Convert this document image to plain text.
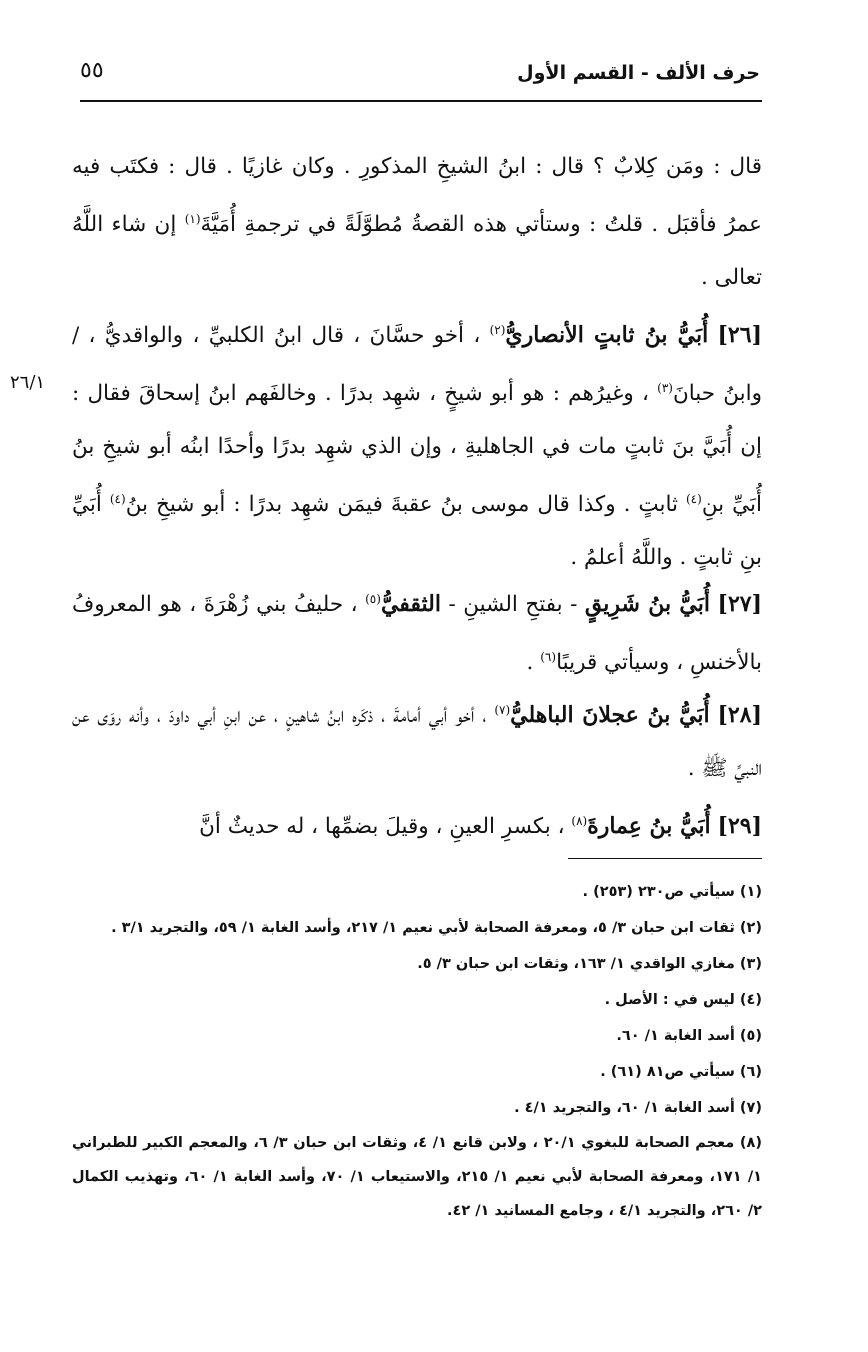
حرف الألف - القسم الأول
٥٥
قال : ومَن كِلابٌ ؟ قال : ابنُ الشيخِ المذكورِ . وكان غازيًا . قال : فكتَب فيه عمرُ فأقبَل . قلتُ : وستأتي هذه القصةُ مُطوَّلَةً في ترجمةِ أُمَيَّةَ$^{(١)}$ إن شاء اللَّهُ تعالى .
[٢٦] أُبَيُّ بنُ ثابتٍ الأنصاريُّ$^{(٢)}$ ، أخو حسَّانَ ، قال ابنُ الكلبيِّ ، والواقديُّ ، /وابنُ حبانَ$^{(٣)}$ ، وغيرُهم : هو أبو شيخٍ ، شهِد بدرًا . وخالفَهم ابنُ إسحاقَ فقال : إن أُبَيَّ بنَ ثابتٍ مات في الجاهليةِ ، وإن الذي شهِد بدرًا وأحدًا ابنُه أبو شيخِ بنُ أُبَيِّ بنِ$^{(٤)}$ ثابتٍ . وكذا قال موسى بنُ عقبةَ فيمَن شهِد بدرًا : أبو شيخِ بنُ$^{(٤)}$ أُبَيِّ بنِ ثابتٍ . واللَّهُ أعلمُ .
٢٦/١
[٢٧] أُبَيُّ بنُ شَرِيقٍ - بفتحِ الشينِ - الثقفيُّ$^{(٥)}$ ، حليفُ بني زُهْرَةَ ، هو المعروفُ بالأخنسِ ، وسيأتي قريبًا$^{(٦)}$ .
[٢٨] أُبَيُّ بنُ عجلانَ الباهليُّ$^{(٧)}$ ، أخو أبي أمامةَ ، ذكَره ابنُ شاهينٍ ، عن ابنِ أبي داودَ ، وأنه روَى عن النبيِّ ﷺ .
[٢٩] أُبَيُّ بنُ عِمارةَ$^{(٨)}$ ، بكسرِ العينِ ، وقيلَ بضمِّها ، له حديثٌ أنَّ
(١) سيأتي ص٢٣٠ (٢٥٣) .
(٢) ثقات ابن حبان ٣/ ٥، ومعرفة الصحابة لأبي نعيم ١/ ٢١٧، وأسد الغابة ١/ ٥٩، والتجريد ٣/١ .
(٣) مغازي الواقدي ١/ ١٦٣، وثقات ابن حبان ٣/ ٥.
(٤) ليس في : الأصل .
(٥) أسد الغابة ١/ ٦٠.
(٦) سيأتي ص٨١ (٦١) .
(٧) أسد الغابة ١/ ٦٠، والتجريد ٤/١ .
(٨) معجم الصحابة للبغوي ٢٠/١ ، ولابن قانع ١/ ٤، وثقات ابن حبان ٣/ ٦، والمعجم الكبير للطبراني ١/ ١٧١، ومعرفة الصحابة لأبي نعيم ١/ ٢١٥، والاستيعاب ١/ ٧٠، وأسد الغابة ١/ ٦٠، وتهذيب الكمال ٢/ ٢٦٠، والتجريد ٤/١ ، وجامع المسانيد ١/ ٤٢.
